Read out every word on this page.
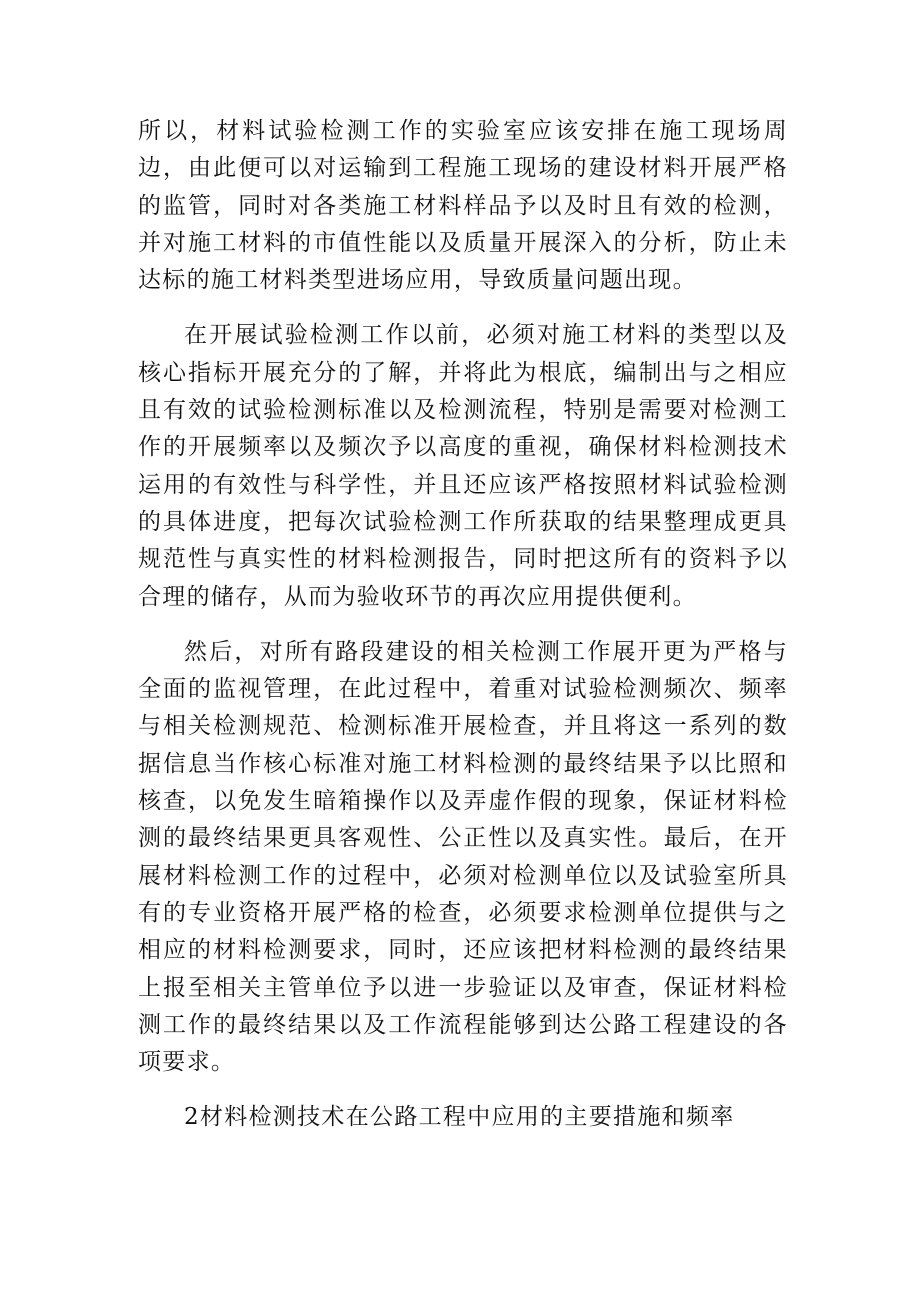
所以，材料试验检测工作的实验室应该安排在施工现场周边，由此便可以对运输到工程施工现场的建设材料开展严格的监管，同时对各类施工材料样品予以及时且有效的检测，并对施工材料的市值性能以及质量开展深入的分析，防止未达标的施工材料类型进场应用，导致质量问题出现。

在开展试验检测工作以前，必须对施工材料的类型以及核心指标开展充分的了解，并将此为根底，编制出与之相应且有效的试验检测标准以及检测流程，特别是需要对检测工作的开展频率以及频次予以高度的重视，确保材料检测技术运用的有效性与科学性，并且还应该严格按照材料试验检测的具体进度，把每次试验检测工作所获取的结果整理成更具规范性与真实性的材料检测报告，同时把这所有的资料予以合理的储存，从而为验收环节的再次应用提供便利。

然后，对所有路段建设的相关检测工作展开更为严格与全面的监视管理，在此过程中，着重对试验检测频次、频率与相关检测规范、检测标准开展检查，并且将这一系列的数据信息当作核心标准对施工材料检测的最终结果予以比照和核查，以免发生暗箱操作以及弄虚作假的现象，保证材料检测的最终结果更具客观性、公正性以及真实性。最后，在开展材料检测工作的过程中，必须对检测单位以及试验室所具有的专业资格开展严格的检查，必须要求检测单位提供与之相应的材料检测要求，同时，还应该把材料检测的最终结果上报至相关主管单位予以进一步验证以及审查，保证材料检测工作的最终结果以及工作流程能够到达公路工程建设的各项要求。

2材料检测技术在公路工程中应用的主要措施和频率
